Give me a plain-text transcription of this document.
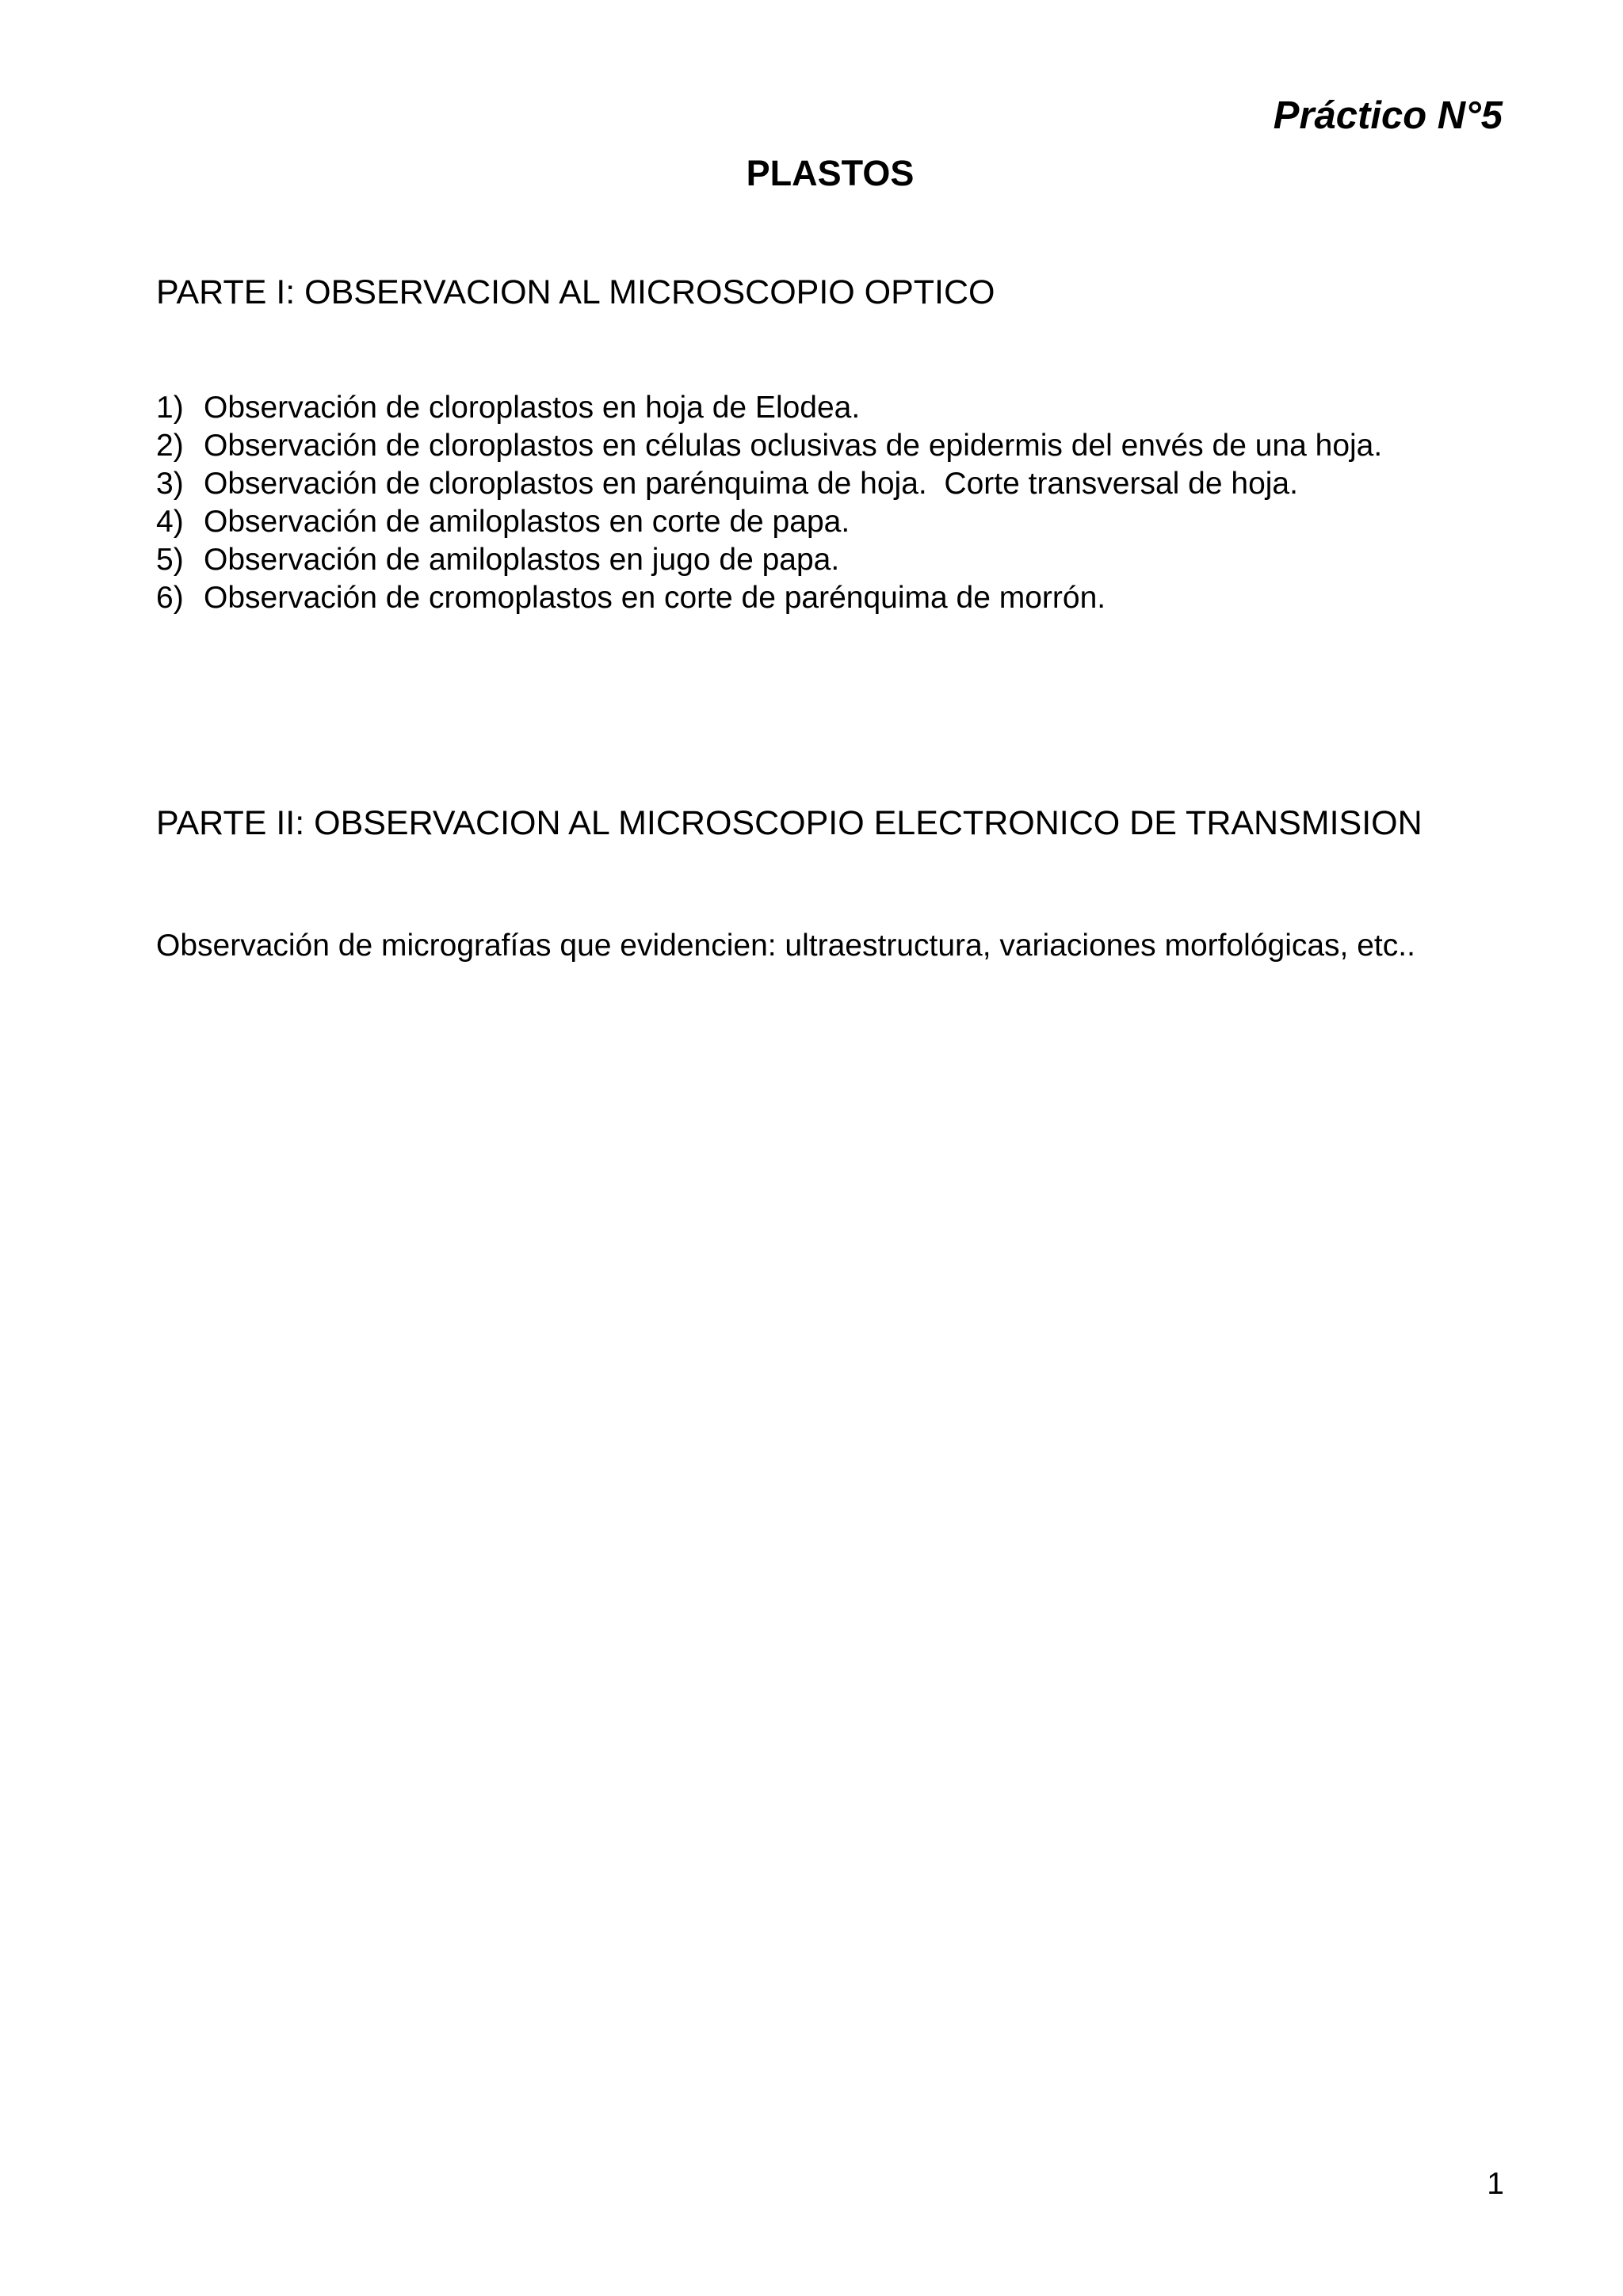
Práctico N°5
PLASTOS
PARTE I: OBSERVACION AL MICROSCOPIO OPTICO
1) Observación de cloroplastos en hoja de Elodea.
2) Observación de cloroplastos en células oclusivas de epidermis del envés de una hoja.
3) Observación de cloroplastos en parénquima de hoja.  Corte transversal de hoja.
4) Observación de amiloplastos en corte de papa.
5) Observación de amiloplastos en jugo de papa.
6) Observación de cromoplastos en corte de parénquima de morrón.
PARTE II: OBSERVACION AL MICROSCOPIO ELECTRONICO DE TRANSMISION
Observación de micrografías que evidencien: ultraestructura, variaciones morfológicas, etc..
1
